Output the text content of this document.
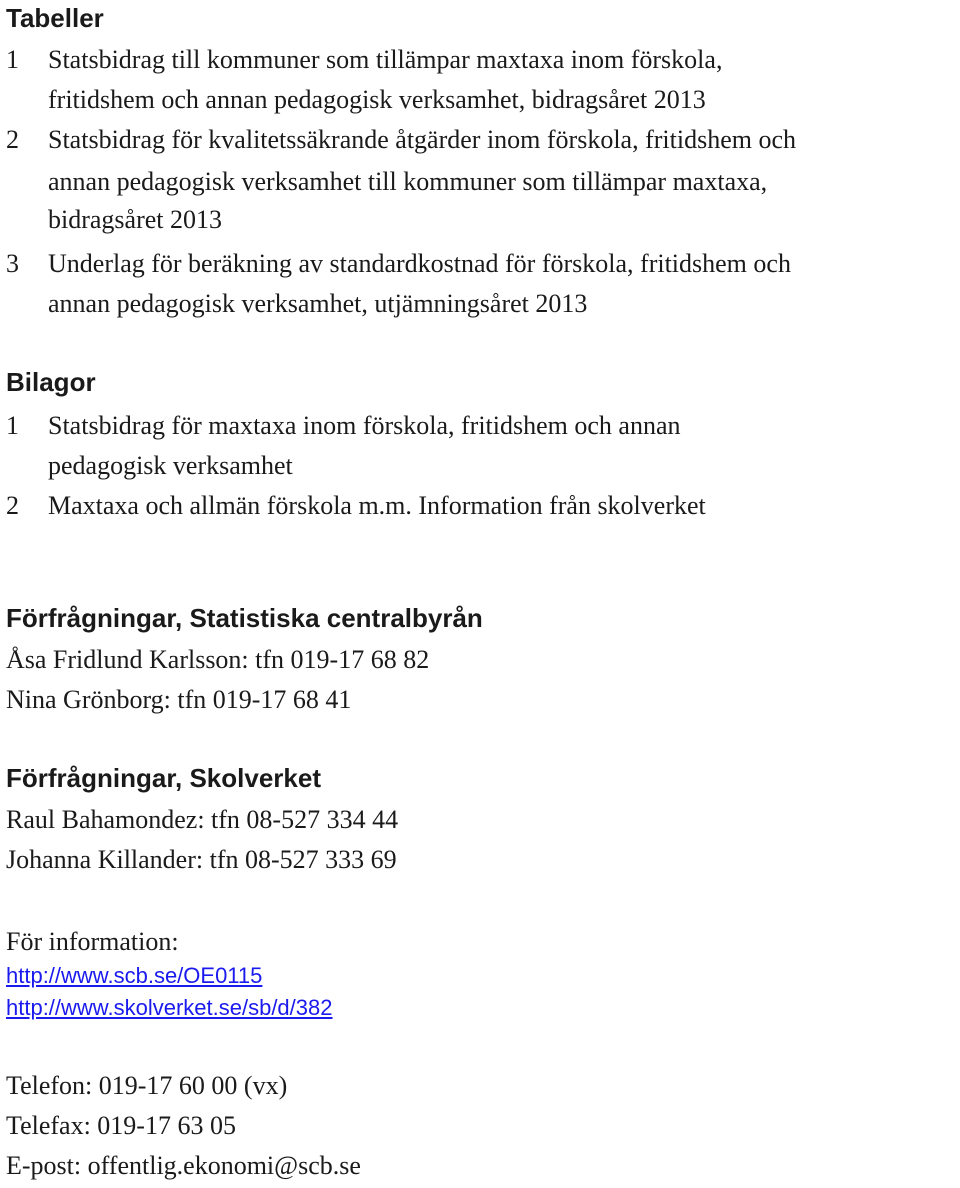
Tabeller

1 Statsbidrag till kommuner som tillämpar maxtaxa inom förskola,

fritidshem och annan pedagogisk verksamhet, bidragsåret 2013

2 Statsbidrag för kvalitetssäkrande åtgärder inom förskola, fritidshem och

annan pedagogisk verksamhet till kommuner som tillämpar maxtaxa,

bidragsåret 2013

3 Underlag för beräkning av standardkostnad för förskola, fritidshem och

annan pedagogisk verksamhet, utjämningsåret 2013

Bilagor

1 Statsbidrag för maxtaxa inom förskola, fritidshem och annan

pedagogisk verksamhet

2 Maxtaxa och allmän förskola m.m. Information från skolverket

Förfrågningar, Statistiska centralbyrån

Åsa Fridlund Karlsson: tfn 019-17 68 82

Nina Grönborg: tfn 019-17 68 41

Förfrågningar, Skolverket

Raul Bahamondez: tfn 08-527 334 44

Johanna Killander: tfn 08-527 333 69

För information:

http://www.scb.se/OE0115
http://www.skolverket.se/sb/d/382

Telefon: 019-17 60 00 (vx)

Telefax: 019-17 63 05

E-post: offentlig.ekonomi@scb.se
